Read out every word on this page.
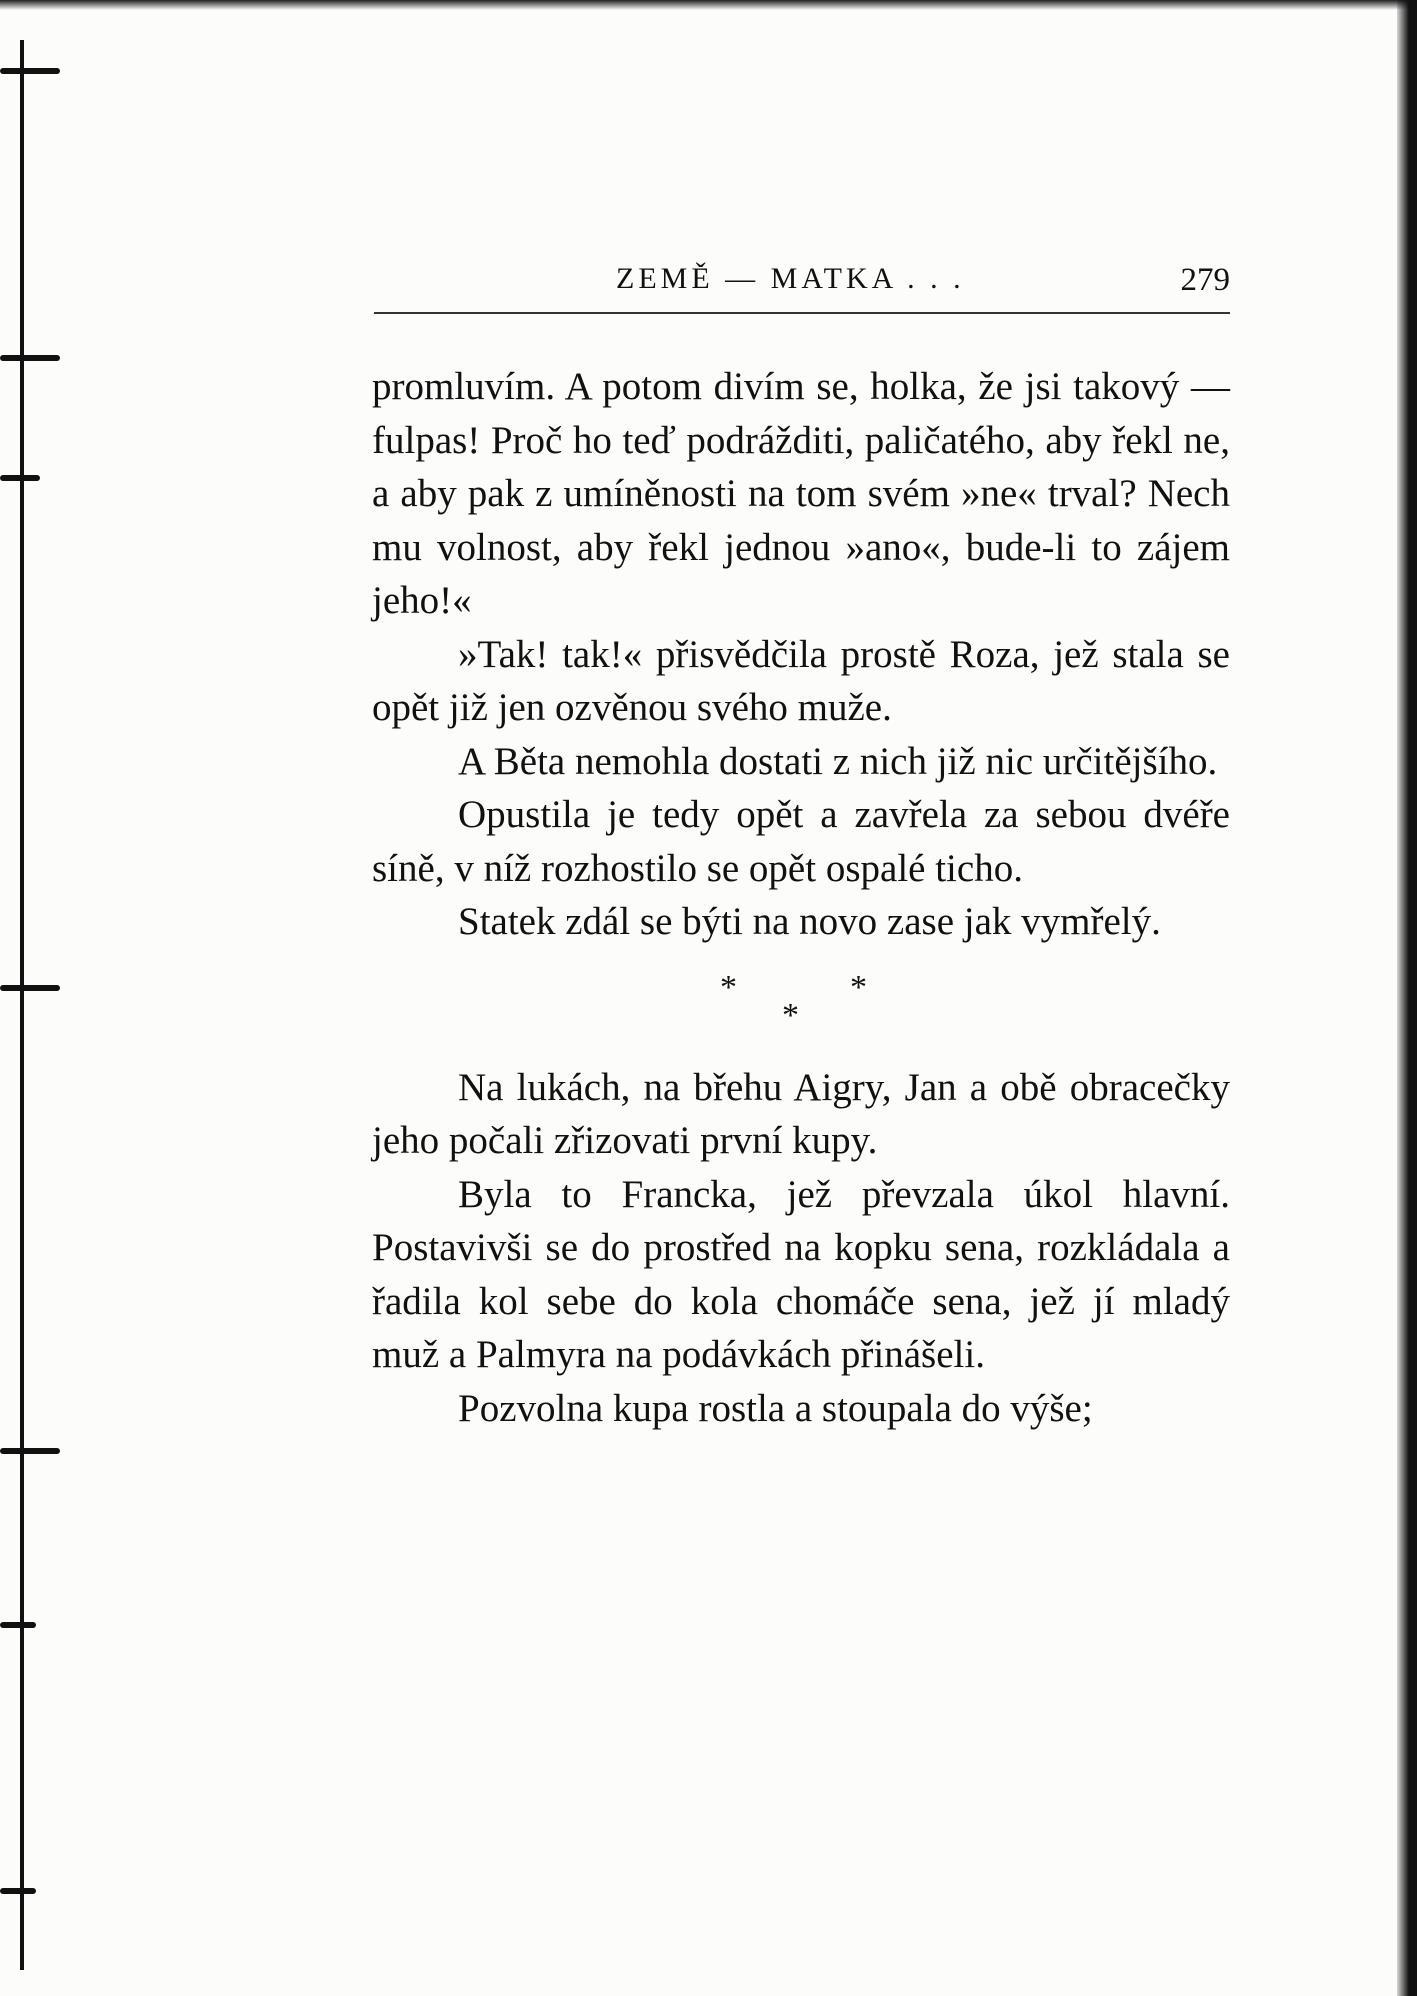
ZEMĚ — MATKA . . .	279

promluvím. A potom divím se, holka, že jsi takový — fulpas! Proč ho teď podrážditi, paličatého, aby řekl ne, a aby pak z umíněnosti na tom svém »ne« trval? Nech mu volnost, aby řekl jednou »ano«, bude-li to zájem jeho!«

»Tak! tak!« přisvědčila prostě Roza, jež stala se opět již jen ozvěnou svého muže.

A Běta nemohla dostati z nich již nic určitějšího.

Opustila je tedy opět a zavřela za sebou dvéře síně, v níž rozhostilo se opět ospalé ticho.

Statek zdál se býti na novo zase jak vymřelý.

*
*
*

Na lukách, na břehu Aigry, Jan a obě obracečky jeho počali zřizovati první kupy.

Byla to Francka, jež převzala úkol hlavní. Postavivši se do prostřed na kopku sena, rozkládala a řadila kol sebe do kola chomáče sena, jež jí mladý muž a Palmyra na podávkách přinášeli.

Pozvolna kupa rostla a stoupala do výše;
